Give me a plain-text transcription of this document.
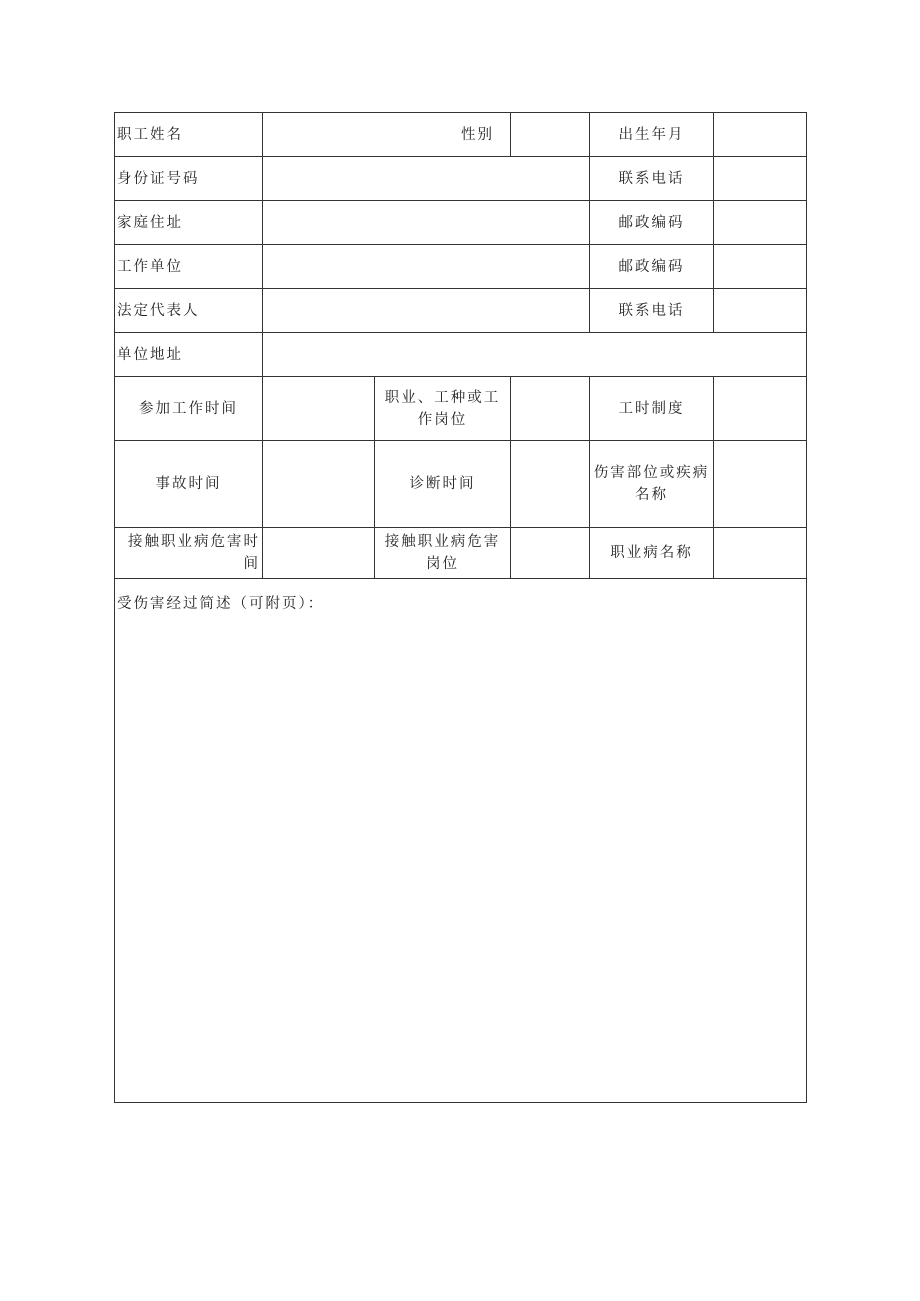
职工姓名	性别			出生年月	
身份证号码				联系电话	
家庭住址				邮政编码	
工作单位				邮政编码	
法定代表人				联系电话	
单位地址					
参加工作时间		职业、工种或工作岗位		工时制度	
事故时间		诊断时间		伤害部位或疾病名称	
接触职业病危害时间		接触职业病危害岗位		职业病名称	
受伤害经过简述（可附页）：					
